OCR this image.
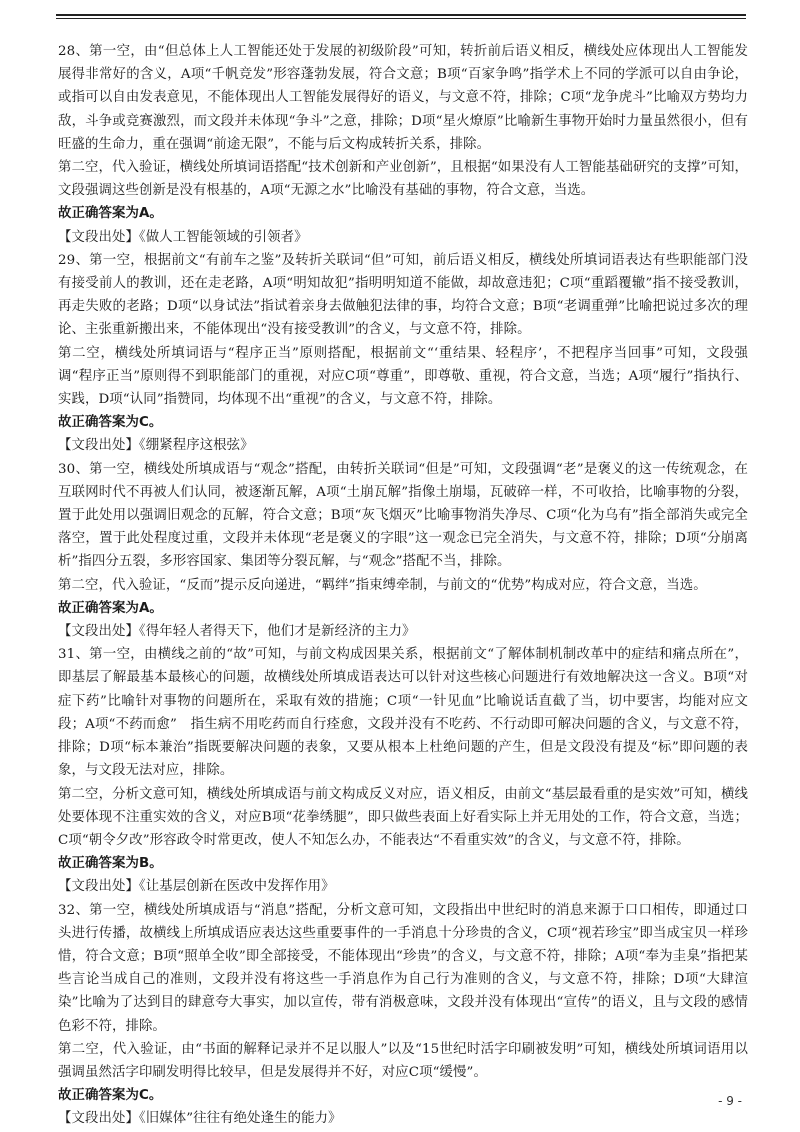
28、第一空，由“但总体上人工智能还处于发展的初级阶段”可知，转折前后语义相反，横线处应体现出人工智能发展得非常好的含义，A项“千帆竞发”形容蓬勃发展，符合文意；B项“百家争鸣”指学术上不同的学派可以自由争论，或指可以自由发表意见，不能体现出人工智能发展得好的语义，与文意不符，排除；C项“龙争虎斗”比喻双方势均力敌，斗争或竞赛激烈，而文段并未体现“争斗”之意，排除；D项“星火燎原”比喻新生事物开始时力量虽然很小，但有旺盛的生命力，重在强调“前途无限”，不能与后文构成转折关系，排除。

第二空，代入验证，横线处所填词语搭配“技术创新和产业创新”，且根据“如果没有人工智能基础研究的支撑”可知，文段强调这些创新是没有根基的，A项“无源之水”比喻没有基础的事物，符合文意，当选。

故正确答案为A。

【文段出处】《做人工智能领域的引领者》

29、第一空，根据前文“有前车之鉴”及转折关联词“但”可知，前后语义相反，横线处所填词语表达有些职能部门没有接受前人的教训，还在走老路，A项“明知故犯”指明明知道不能做，却故意违犯；C项“重蹈覆辙”指不接受教训，再走失败的老路；D项“以身试法”指试着亲身去做触犯法律的事，均符合文意；B项“老调重弹”比喻把说过多次的理论、主张重新搬出来，不能体现出“没有接受教训”的含义，与文意不符，排除。

第二空，横线处所填词语与“程序正当”原则搭配，根据前文“‘重结果、轻程序’，不把程序当回事”可知，文段强调“程序正当”原则得不到职能部门的重视，对应C项“尊重”，即尊敬、重视，符合文意，当选；A项“履行”指执行、实践，D项“认同”指赞同，均体现不出“重视”的含义，与文意不符，排除。

故正确答案为C。

【文段出处】《绷紧程序这根弦》

30、第一空，横线处所填成语与“观念”搭配，由转折关联词“但是”可知，文段强调“老”是褒义的这一传统观念，在互联网时代不再被人们认同，被逐渐瓦解，A项“土崩瓦解”指像土崩塌，瓦破碎一样，不可收拾，比喻事物的分裂，置于此处用以强调旧观念的瓦解，符合文意；B项“灰飞烟灭”比喻事物消失净尽、C项“化为乌有”指全部消失或完全落空，置于此处程度过重，文段并未体现“老是褒义的字眼”这一观念已完全消失，与文意不符，排除；D项“分崩离析”指四分五裂，多形容国家、集团等分裂瓦解，与“观念”搭配不当，排除。

第二空，代入验证，“反而”提示反向递进，“羁绊”指束缚牵制，与前文的“优势”构成对应，符合文意，当选。

故正确答案为A。

【文段出处】《得年轻人者得天下，他们才是新经济的主力》

31、第一空，由横线之前的“故”可知，与前文构成因果关系，根据前文“了解体制机制改革中的症结和痛点所在”，即基层了解最基本最核心的问题，故横线处所填成语表达可以针对这些核心问题进行有效地解决这一含义。B项“对症下药”比喻针对事物的问题所在，采取有效的措施；C项“一针见血”比喻说话直截了当，切中要害，均能对应文段；A项“不药而愈”　指生病不用吃药而自行痊愈，文段并没有不吃药、不行动即可解决问题的含义，与文意不符，排除；D项“标本兼治”指既要解决问题的表象，又要从根本上杜绝问题的产生，但是文段没有提及“标”即问题的表象，与文段无法对应，排除。

第二空，分析文意可知，横线处所填成语与前文构成反义对应，语义相反，由前文“基层最看重的是实效”可知，横线处要体现不注重实效的含义，对应B项“花拳绣腿”，即只做些表面上好看实际上并无用处的工作，符合文意，当选；C项“朝令夕改”形容政令时常更改，使人不知怎么办，不能表达“不看重实效”的含义，与文意不符，排除。

故正确答案为B。

【文段出处】《让基层创新在医改中发挥作用》

32、第一空，横线处所填成语与“消息”搭配，分析文意可知，文段指出中世纪时的消息来源于口口相传，即通过口头进行传播，故横线上所填成语应表达这些重要事件的一手消息十分珍贵的含义，C项“视若珍宝”即当成宝贝一样珍惜，符合文意；B项“照单全收”即全部接受，不能体现出“珍贵”的含义，与文意不符，排除；A项“奉为圭臬”指把某些言论当成自己的准则，文段并没有将这些一手消息作为自己行为准则的含义，与文意不符，排除；D项“大肆渲染”比喻为了达到目的肆意夸大事实，加以宣传，带有消极意味，文段并没有体现出“宣传”的语义，且与文段的感情色彩不符，排除。

第二空，代入验证，由“书面的解释记录并不足以服人”以及“15世纪时活字印刷被发明”可知，横线处所填词语用以强调虽然活字印刷发明得比较早，但是发展得并不好，对应C项“缓慢”。

故正确答案为C。

【文段出处】《旧媒体”往往有绝处逢生的能力》

- 9 -
